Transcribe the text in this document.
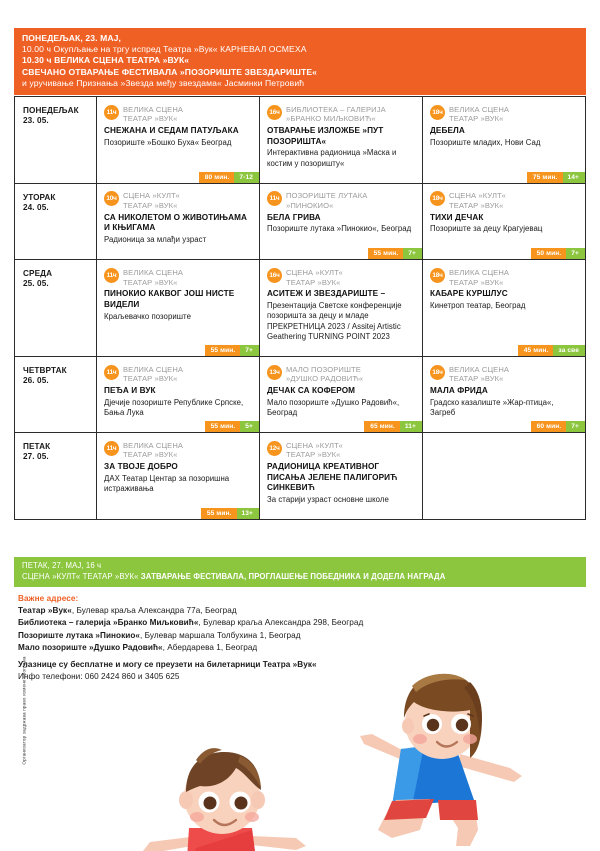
Организатор задржава право измене програма
ПОНЕДЕЉАК, 23. МАЈ,
10.00 ч Окупљање на тргу испред Театра »Вук« КАРНЕВАЛ ОСМЕХА
10.30 ч ВЕЛИКА СЦЕНА ТЕАТРА »ВУК«
СВЕЧАНО ОТВАРАЊЕ ФЕСТИВАЛА »ПОЗОРИШТЕ ЗВЕЗДАРИШТЕ«
и уручивање Признања »Звезда међу звездама« Јасминки Петровић
ПОНЕДЕЉАК
23. 05.
11ч ВЕЛИКА СЦЕНА
ТЕАТАР »ВУК«
СНЕЖАНА И СЕДАМ ПАТУЉАКА
Позориште »Бошко Буха« Београд
80 мин.	7-12
16ч БИБЛИОТЕКА – ГАЛЕРИЈА
»БРАНКО МИЉКОВИЋ«
ОТВАРАЊЕ ИЗЛОЖБЕ »ПУТ ПОЗОРИШТА«
Интерактивна радионица »Маска и костим у позоришту«
18ч ВЕЛИКА СЦЕНА
ТЕАТАР »ВУК«
ДЕБЕЛА
Позориште младих, Нови Сад
75 мин.	14+
УТОРАК
24. 05.
10ч СЦЕНА »КУЛТ«
ТЕАТАР »ВУК«
СА НИКОЛЕТОМ О ЖИВОТИЊАМА И КЊИГАМА
Радионица за млађи узраст
11ч ПОЗОРИШТЕ ЛУТАКА
»ПИНОКИО«
БЕЛА ГРИВА
Позориште лутака »Пинокио«, Београд
55 мин.	7+
18ч СЦЕНА »КУЛТ«
ТЕАТАР »ВУК«
ТИХИ ДЕЧАК
Позориште за децу Крагујевац
50 мин.	7+
СРЕДА
25. 05.
11ч ВЕЛИКА СЦЕНА
ТЕАТАР »ВУК«
ПИНОКИО КАКВОГ ЈОШ НИСТЕ ВИДЕЛИ
Краљевачко позориште
55 мин.	7+
16ч СЦЕНА »КУЛТ«
ТЕАТАР »ВУК«
АСИТЕЖ И ЗВЕЗДАРИШТЕ –
Презентација Светске конференције позоришта за децу и младе ПРЕКРЕТНИЦА 2023 / Assitej Artistic Geathering TURNING POINT 2023
18ч ВЕЛИКА СЦЕНА
ТЕАТАР »ВУК«
КАБАРЕ КУРШЛУС
Кинетроп театар, Београд
45 мин.	за све
ЧЕТВРТАК
26. 05.
11ч ВЕЛИКА СЦЕНА
ТЕАТАР »ВУК«
ПЕЂА И ВУК
Дјечије позориште Републике Српске, Бања Лука
55 мин.	5+
13ч МАЛО ПОЗОРИШТЕ
»ДУШКО РАДОВИЋ«
ДЕЧАК СА КОФЕРОМ
Мало позориште »Душко Радовић«, Београд
65 мин.	11+
18ч ВЕЛИКА СЦЕНА
ТЕАТАР »ВУК«
МАЛА ФРИДА
Градско казалиште »Жар-птица«, Загреб
60 мин.	7+
ПЕТАК
27. 05.
11ч ВЕЛИКА СЦЕНА
ТЕАТАР »ВУК«
ЗА ТВОЈЕ ДОБРО
ДАХ Театар Центар за позоришна истраживања
55 мин.	13+
12ч СЦЕНА »КУЛТ«
ТЕАТАР »ВУК«
РАДИОНИЦА КРЕАТИВНОГ ПИСАЊА ЈЕЛЕНЕ ПАЛИГОРИЋ СИНКЕВИЋ
За старији узраст основне школе
ПЕТАК, 27. МАЈ, 16 ч
СЦЕНА »КУЛТ« ТЕАТАР »ВУК« ЗАТВАРАЊЕ ФЕСТИВАЛА, ПРОГЛАШЕЊЕ ПОБЕДНИКА И ДОДЕЛА НАГРАДА
Важне адресе:
Театар »Вук«, Булевар краља Александра 77а, Београд
Библиотека – галерија »Бранко Миљковић«, Булевар краља Александра 298, Београд
Позориште лутака »Пинокио«, Булевар маршала Толбухина 1, Београд
Мало позориште »Душко Радовић«, Абердарева 1, Београд
Улазнице су бесплатне и могу се преузети на билетарници Театра »Вук«
Инфо телефони: 060 2424 860 и 3405 625
